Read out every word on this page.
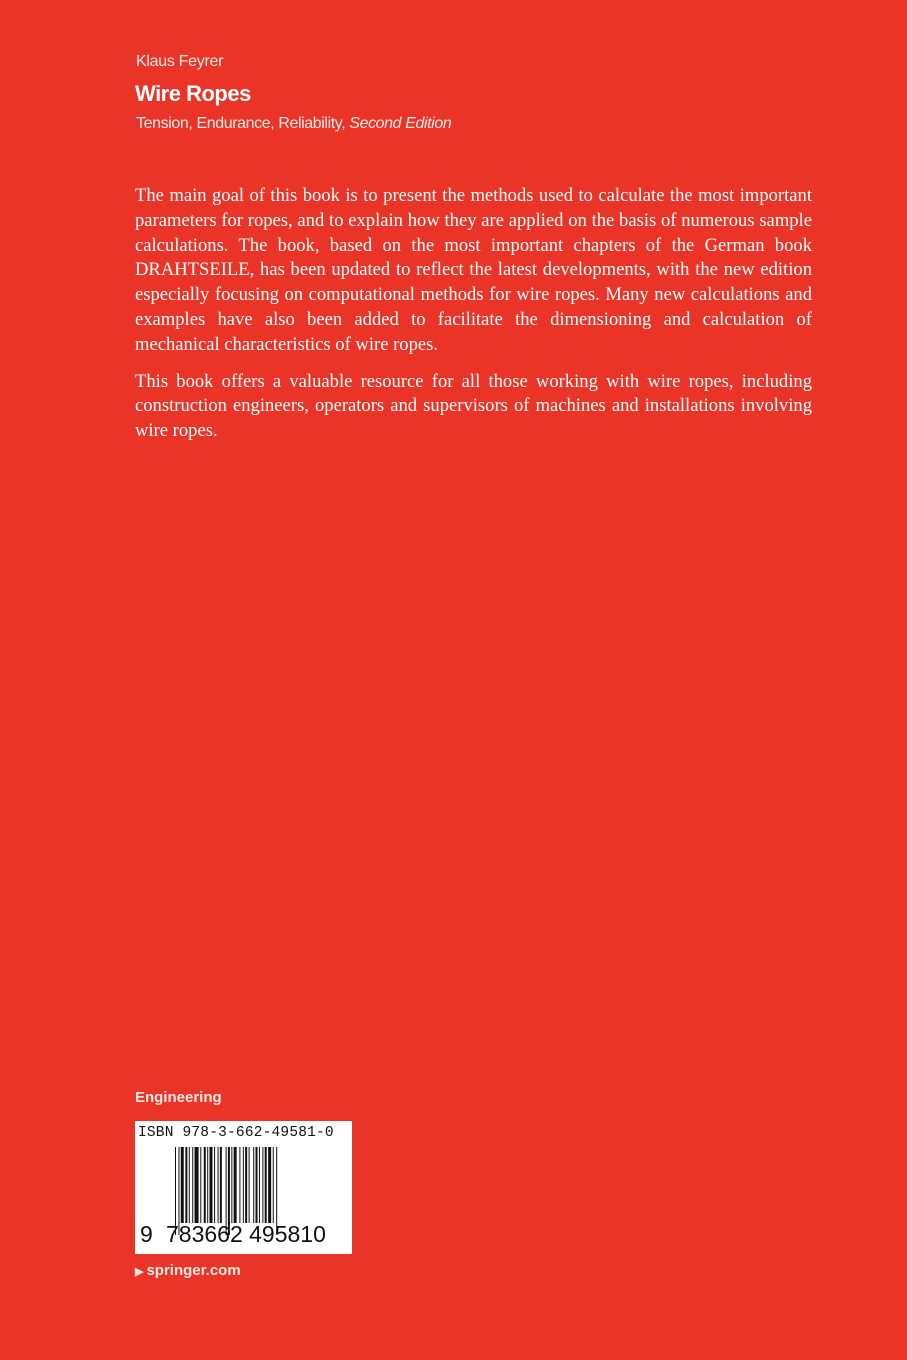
Klaus Feyrer
Wire Ropes
Tension, Endurance, Reliability, Second Edition

The main goal of this book is to present the methods used to calculate the most important parameters for ropes, and to explain how they are applied on the basis of numerous sample calculations. The book, based on the most important chapters of the German book DRAHTSEILE, has been updated to reflect the latest developments, with the new edition especially focusing on computational methods for wire ropes. Many new calculations and examples have also been added to facilitate the dimensioning and calculation of mechanical characteristics of wire ropes.

This book offers a valuable resource for all those working with wire ropes, including construction engineers, operators and supervisors of machines and installations involving wire ropes.

Engineering
ISBN 978-3-662-49581-0
9 783662 495810
▶ springer.com
